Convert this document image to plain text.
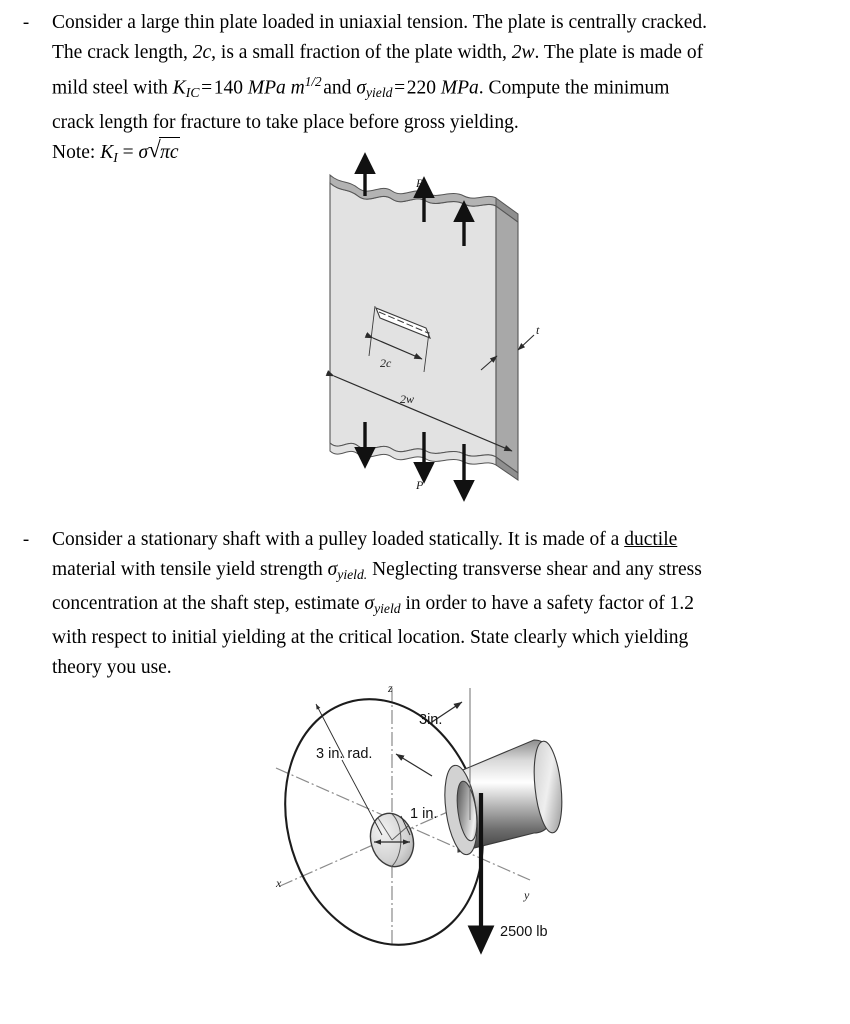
-	Consider a large thin plate loaded in uniaxial tension. The plate is centrally cracked.
The crack length, 2c, is a small fraction of the plate width, 2w. The plate is made of
mild steel with $K_{IC}$ = 140 MPa $m^{1/2}$ and $\sigma_{yield}$ = 220 MPa. Compute the minimum
crack length for fracture to take place before gross yielding.
Note: $K_I = \sigma$ √ πc
P
P
2c
2w
t
-	Consider a stationary shaft with a pulley loaded statically. It is made of a ductile
material with tensile yield strength $\sigma_{yield.}$ Neglecting transverse shear and any stress
concentration at the shaft step, estimate $\sigma_{yield}$ in order to have a safety factor of 1.2
with respect to initial yielding at the critical location. State clearly which yielding
theory you use.
z
x
y
3 in. rad.
3in.
1 in.
2500 lb
